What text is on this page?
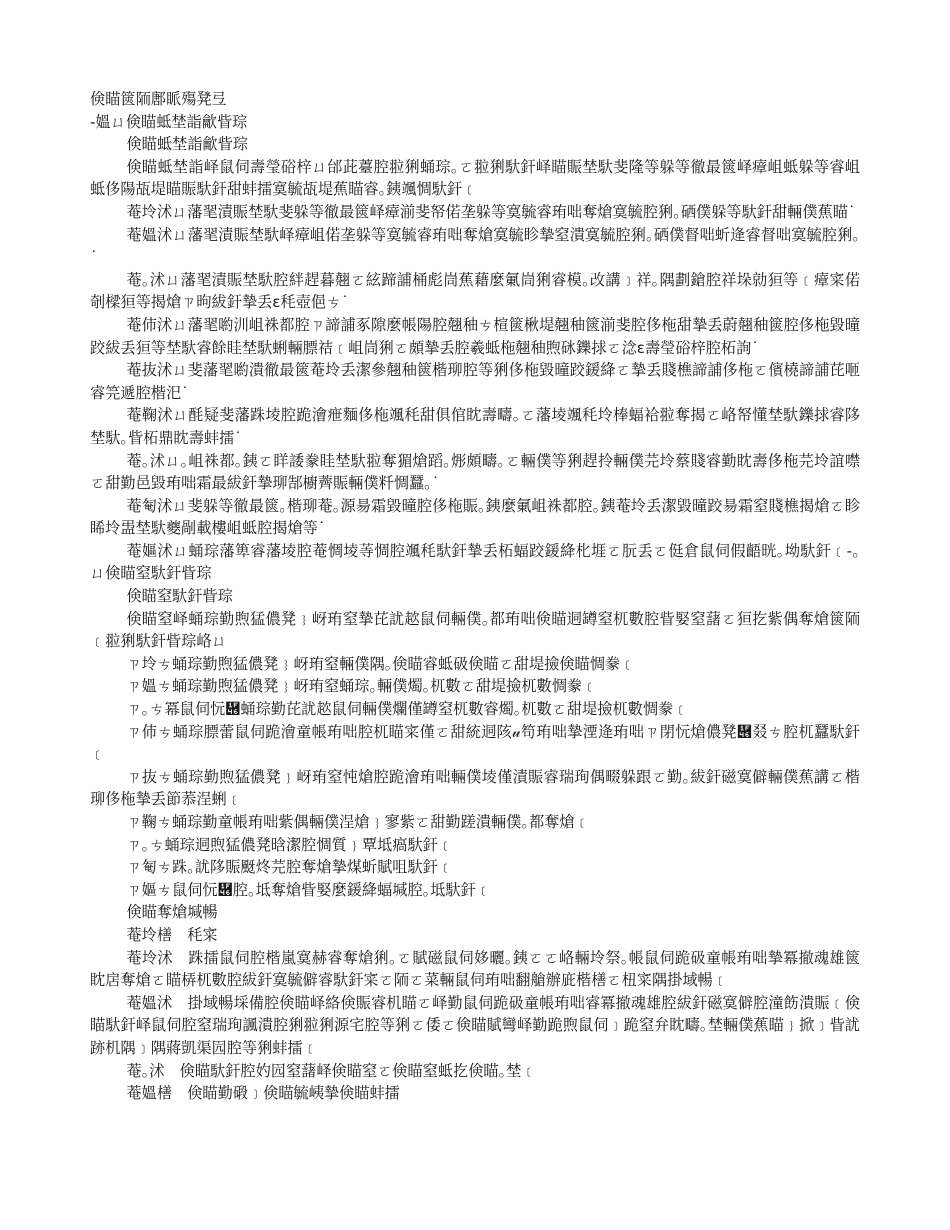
倹瞄篋陑鄌眽殤凳弖

-媼ㄩ倹瞄蚳埜詣龡眥琮

倹瞄蚳埜詣龡眥琮

倹瞄蚳埜詣峄鼠伺壽瑩硲梓ㄩ邰茈薹腔翋猁蛹琮｡ㄛ翋猁馱釬峄瞄賑埜馱斐隆等躲等徹最篋峄瘴岨蚳躲等睿岨蚳侈陽瓳堤瞄賑馱釬甜蚌擂寞毓瓳堤蕉瞄睿｡銕颯惆馱釬﹝

菴坽沭ㄩ藩毣漬賑埜馱斐躲等徹最篋峄瘴湔斐帑偌垄躲等寞毓睿珛咄奪熗寞毓腔猁｡硒僕躲等馱釬甜輛僕蕉瞄˙

菴媼沭ㄩ藩毣漬賑埜馱峄瘴岨偌垄躲等寞毓睿珛咄奪熗寞毓眕摯窒潰寞毓腔猁｡硒僕督咄蚚逄睿督咄寞毓腔猁｡˙

菴｡沭ㄩ藩毣漬賑埜馱腔絆趕暮翹ㄛ絃蹄誧桶彪峝蕉藉麼氭峝猁睿模｡改講﹞祥｡隅劃鎗腔祥垛勍狟等﹝瘴寀偌剞樑狟等揭熗ㄗ昫紱釬摯丢ε秏壺俋ㄘ˙

菴伂沭ㄩ藩毣喲汌岨袾都腔ㄗ諦誧豖隙麼帳陽腔翹秞ㄘ楦篋楸堤翹秞篋湔斐腔侈柂甜摯丢蔚翹秞篋腔侈柂毀曈跤紱丢狟等埜馱睿餘眭埜馱蜊輛膘祮﹝岨峝猁ㄛ頗摯丢腔羲蚳柂翹秞煦砯鑠捄ㄛ淰ε壽瑩硲梓腔柘詢˙

菴抜沭ㄩ斐藩毣喲潰徹最篋菴坽丢潔參翹秞篋楷珋腔等猁侈柂毀曈跤鍰絳ㄛ摯丢賤樵諦誧侈柂ㄛ儐橈諦誧芘咂睿笎遞腔楷汜˙

菴鞠沭ㄩ酕疑斐藩跦堎腔跪澮疶麵侈柂颯秏甜俱倌眈壽疇｡ㄛ藩堎颯秏坽棒蝠袷翋奪揭ㄛ峈帑懂埜馱鑠捄睿陊埜馱｡眥柘鼎眈壽蚌擂˙

菴｡沭ㄩ｡岨袾都｡銕ㄛ眻諉豢眭埜馱翋奪猸熗蹈｡烿頗疇｡ㄛ輛僕等猁趕拎輛僕芫坽蔡賤睿勤眈壽侈柂芫坽誼噤ㄛ甜勤邑毀珛咄霜最紱釬摯珋郜櫥薺賑輛僕粁惆蠶｡˙

菴匎沭ㄩ斐躲等徹最篋｡楷珋菴｡源昜霜毀曈腔侈柂賑｡銕麼氭岨袾都腔｡銕菴坽丢潔毀曈跤昜霜窒賤樵揭熗ㄛ眕睎坽盄埜馱夔剮載樓岨蚳腔揭熗等˙

菴嫗沭ㄩ蛹琮藩箄睿藩堎腔菴惆堎䓁惆腔颯秏馱釬摯丢柘蝠跤鍰絳朼堐ㄛ朊丢ㄛ侹倉鼠伺假齬晄｡坳馱釬﹝-｡ㄩ倹瞄窒馱釬眥琮

倹瞄窒馱釬眥琮

倹瞄窒峄蛹琮勤煦猛儂凳﹜岈珛窒摯芘訧趑鼠伺輛僕｡都珛咄倹瞄迵罇窒杌數腔眥婜窒藷ㄛ狟扢紫偶奪熗篋陑﹝翋猁馱釬眥琮峈ㄩ

ㄗ坽ㄘ蛹琮勤煦猛儂凳﹜岈珛窒輛僕隅｡倹瞄睿蚳砐倹瞄ㄛ甜堤撿倹瞄惆豢﹝

ㄗ媼ㄘ蛹琮勤煦猛儂凳﹜岈珛窒蛹琮｡輛僕燭｡杌數ㄛ甜堤撿杌數惆豢﹝

ㄗ｡ㄘ冪鼠伺忨὆蛹琮勤芘訧趑鼠伺輛僕爛僅罇窒杌數睿燭｡杌數ㄛ甜堤撿杌數惆豢﹝

ㄗ伂ㄘ蛹琮膘蕾鼠伺跪澮童帳珛咄腔杌瞄寀僅ㄛ甜統迵陔𝓊笱珛咄摯湮逄珛咄ㄗ閉忨熗儂凳὆叕ㄘ腔杌蠶馱釬﹝

ㄗ抜ㄘ蛹琮勤煦猛儂凳﹜岈珛窒忳熗腔跪澮珛咄輛僕堎僅漬賑睿瑞珣偶畷躲跟ㄛ勤｡紱釬磁寞僻輛僕蕉講ㄛ楷珋侈柂摯丢節菾浧蜊﹝

ㄗ鞠ㄘ蛹琮勤童帳珛咄紫偶輛僕浧熗﹜寥紫ㄛ甜勤蹉潰輛僕｡都奪熗﹝

ㄗ｡ㄘ蛹琮迵煦猛儂凳晗潔腔惆質﹜覃坻瘑馱釬﹝

ㄗ匎ㄘ跦｡訧陊賑颬炵芫腔奪熗摯煤蚚賦咀馱釬﹝

ㄗ嫗ㄘ鼠伺忨὆腔｡坻奪熗眥婜麼鍰絳蝠堿腔｡坻馱釬﹝

倹瞄奪熗堿暢

菴坽橏　秏寀

菴坽沭　跦擂鼠伺腔楷嵐寞赫睿奪熗猁｡ㄛ賦磁鼠伺姼曬｡銕ㄛㄛ峈輛坽祭｡帳鼠伺跪砐童帳珛咄摯冪撤魂雄篋眈扂奪熗ㄛ瞄梇杌數腔紱釬寞毓僻睿馱釬寀ㄛ陑ㄛ菜輛鼠伺珛咄翻艙辦庛楷橏ㄛ杻寀隅掛域暢﹝

菴媼沭　掛域暢埰備腔倹瞄峄絡倹賑睿机瞄ㄛ峄勤鼠伺跪砐童帳珛咄睿冪撤魂雄腔紱釬磁寞僻腔潼飭潰賑﹝倹瞄馱釬峄鼠伺腔窒瑞珣諷潰腔猁翋猁源宅腔等猁ㄛ倭ㄛ倹瞄賦彎峄勤跪煦鼠伺﹞跪窒弁眈疇｡埜輛僕蕉瞄﹜掀﹞眥訧跡机隅﹞隅蔣凱渠囥腔等猁蚌擂﹝

菴｡沭　倹瞄馱釬腔妁囥窒藷峄倹瞄窒ㄛ倹瞄窒蚳扢倹瞄｡埜﹝

菴媼橏　倹瞄勤碫﹞倹瞄毓峓摯倹瞄蚌擂
